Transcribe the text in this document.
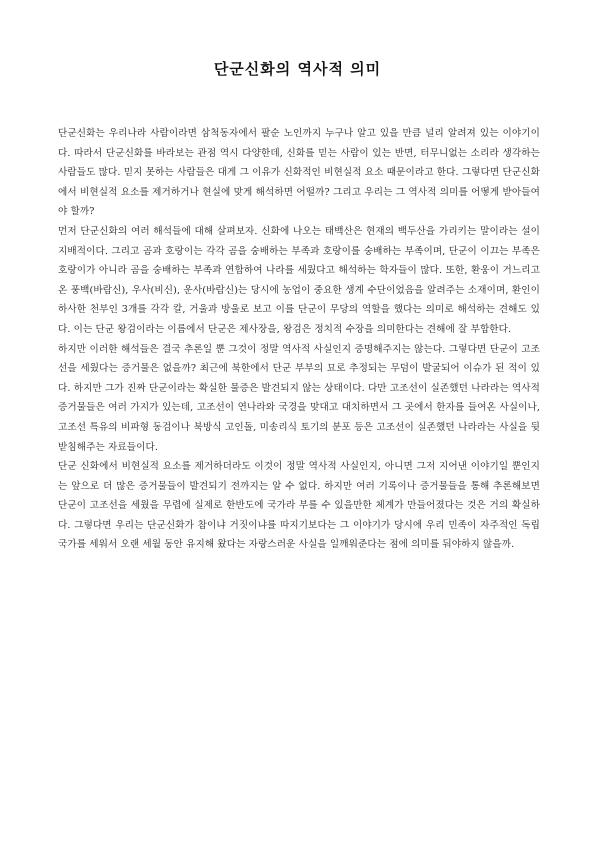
단군신화의 역사적 의미

단군신화는 우리나라 사람이라면 삼척동자에서 팔순 노인까지 누구나 알고 있을 만큼 널리 알려져 있는 이야기이다. 따라서 단군신화를 바라보는 관점 역시 다양한데, 신화를 믿는 사람이 있는 반면, 터무니없는 소리라 생각하는 사람들도 많다. 믿지 못하는 사람들은 대게 그 이유가 신화적인 비현실적 요소 때문이라고 한다. 그렇다면 단군신화에서 비현실적 요소를 제거하거나 현실에 맞게 해석하면 어떨까? 그리고 우리는 그 역사적 의미를 어떻게 받아들여야 할까?

먼저 단군신화의 여러 해석들에 대해 살펴보자. 신화에 나오는 태백산은 현재의 백두산을 가리키는 말이라는 설이 지배적이다. 그리고 곰과 호랑이는 각각 곰을 숭배하는 부족과 호랑이를 숭배하는 부족이며, 단군이 이끄는 부족은 호랑이가 아니라 곰을 숭배하는 부족과 연합하여 나라를 세웠다고 해석하는 학자들이 많다. 또한, 환웅이 거느리고 온 풍백(바람신), 우사(비신), 운사(바람신)는 당시에 농업이 중요한 생계 수단이었음을 알려주는 소재이며, 환인이 하사한 천부인 3개를 각각 칼, 거울과 방울로 보고 이를 단군이 무당의 역할을 했다는 의미로 해석하는 견해도 있다. 이는 단군 왕검이라는 이름에서 단군은 제사장을, 왕검은 정치적 수장을 의미한다는 견해에 잘 부합한다.

하지만 이러한 해석들은 결국 추론일 뿐 그것이 정말 역사적 사실인지 증명해주지는 않는다. 그렇다면 단군이 고조선을 세웠다는 증거물은 없을까? 최근에 북한에서 단군 부부의 묘로 추정되는 무덤이 발굴되어 이슈가 된 적이 있다. 하지만 그가 진짜 단군이라는 확실한 물증은 발견되지 않는 상태이다. 다만 고조선이 실존했던 나라라는 역사적 증거물들은 여러 가지가 있는데, 고조선이 연나라와 국경을 맞대고 대치하면서 그 곳에서 한자를 들여온 사실이나, 고조선 특유의 비파형 동검이나 북방식 고인돌, 미송리식 토기의 분포 등은 고조선이 실존했던 나라라는 사실을 뒷받침해주는 자료들이다.

단군 신화에서 비현실적 요소를 제거하더라도 이것이 정말 역사적 사실인지, 아니면 그저 지어낸 이야기일 뿐인지는 앞으로 더 많은 증거물들이 발견되기 전까지는 알 수 없다. 하지만 여러 기록이나 증거물들을 통해 추론해보면 단군이 고조선을 세웠을 무렵에 실제로 한반도에 국가라 부를 수 있을만한 체계가 만들어졌다는 것은 거의 확실하다. 그렇다면 우리는 단군신화가 참이냐 거짓이냐를 따지기보다는 그 이야기가 당시에 우리 민족이 자주적인 독립 국가를 세워서 오랜 세월 동안 유지해 왔다는 자랑스러운 사실을 일깨워준다는 점에 의미를 둬야하지 않을까.
